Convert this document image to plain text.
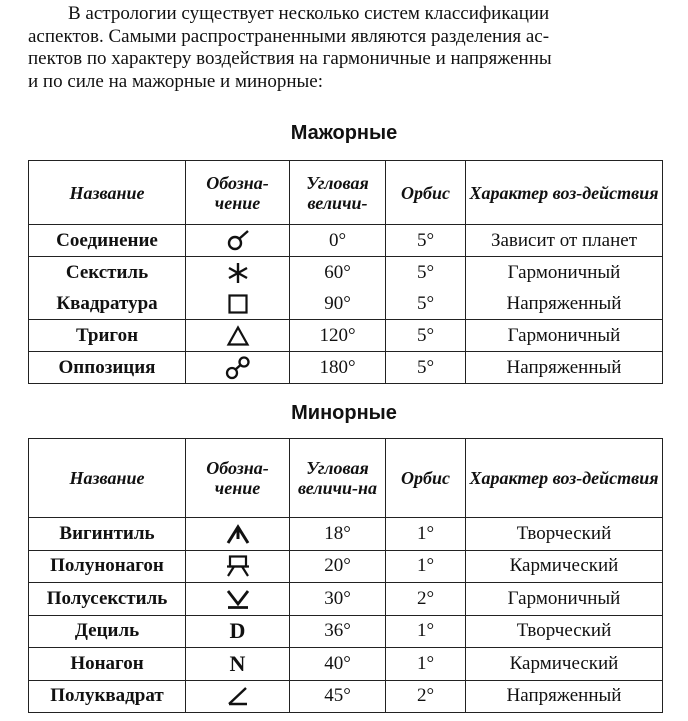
В астрологии существует несколько систем классификации
аспектов. Самыми распространенными являются разделения ас-
пектов по характеру воздействия на гармоничные и напряженны
и по силе на мажорные и минорные:
Мажорные
Название	Обозна-чение	Угловая величи-	Орбис	Характер воз-действия
Соединение		0°	5°	Зависит от планет
Секстиль		60°	5°	Гармоничный
Квадратура		90°	5°	Напряженный
Тригон		120°	5°	Гармоничный
Оппозиция		180°	5°	Напряженный
Минорные
Название	Обозна-чение	Угловая величи-на	Орбис	Характер воз-действия
Вигинтиль		18°	1°	Творческий
Полунонагон		20°	1°	Кармический
Полусекстиль		30°	2°	Гармоничный
Дециль	D	36°	1°	Творческий
Нонагон	N	40°	1°	Кармический
Полуквадрат		45°	2°	Напряженный
